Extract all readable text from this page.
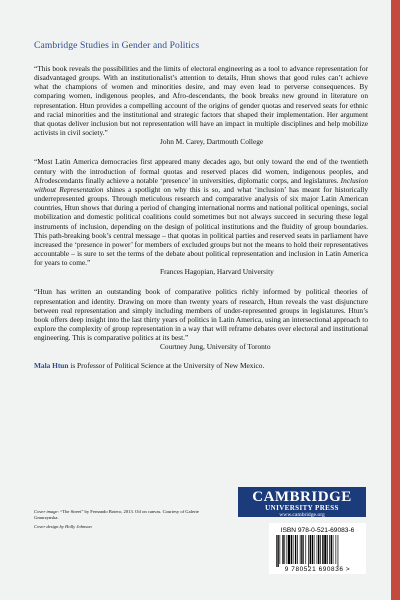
Cambridge Studies in Gender and Politics

“This book reveals the possibilities and the limits of electoral engineering as a tool to advance representation for disadvantaged groups. With an institutionalist’s attention to details, Htun shows that good rules can’t achieve what the champions of women and minorities desire, and may even lead to perverse consequences. By comparing women, indigenous peoples, and Afro-descendants, the book breaks new ground in literature on representation. Htun provides a compelling account of the origins of gender quotas and reserved seats for ethnic and racial minorities and the institutional and strategic factors that shaped their implementation. Her argument that quotas deliver inclusion but not representation will have an impact in multiple disciplines and help mobilize activists in civil society.”

John M. Carey, Dartmouth College

“Most Latin America democracies first appeared many decades ago, but only toward the end of the twentieth century with the introduction of formal quotas and reserved places did women, indigenous peoples, and Afrodescendants finally achieve a notable ‘presence’ in universities, diplomatic corps, and legislatures. Inclusion without Representation shines a spotlight on why this is so, and what ‘inclusion’ has meant for historically underrepresented groups. Through meticulous research and comparative analysis of six major Latin American countries, Htun shows that during a period of changing international norms and national political openings, social mobilization and domestic political coalitions could sometimes but not always succeed in securing these legal instruments of inclusion, depending on the design of political institutions and the fluidity of group boundaries. This path-breaking book’s central message – that quotas in political parties and reserved seats in parliament have increased the ‘presence in power’ for members of excluded groups but not the means to hold their representatives accountable – is sure to set the terms of the debate about political representation and inclusion in Latin America for years to come.”

Frances Hagopian, Harvard University

“Htun has written an outstanding book of comparative politics richly informed by political theories of representation and identity. Drawing on more than twenty years of research, Htun reveals the vast disjuncture between real representation and simply including members of under-represented groups in legislatures. Htun’s book offers deep insight into the last thirty years of politics in Latin America, using an intersectional approach to explore the complexity of group representation in a way that will reframe debates over electoral and institutional engineering. This is comparative politics at its best.”

Courtney Jung, University of Toronto

Mala Htun is Professor of Political Science at the University of New Mexico.

Cover image: “The Street” by Fernando Botero, 2013. Oil on canvas. Courtesy of Galerie Gmurzynska.

Cover design by Holly Johnson

CAMBRIDGE
UNIVERSITY PRESS
www.cambridge.org
ISBN 978-0-521-69083-6
9 780521 690836 >
